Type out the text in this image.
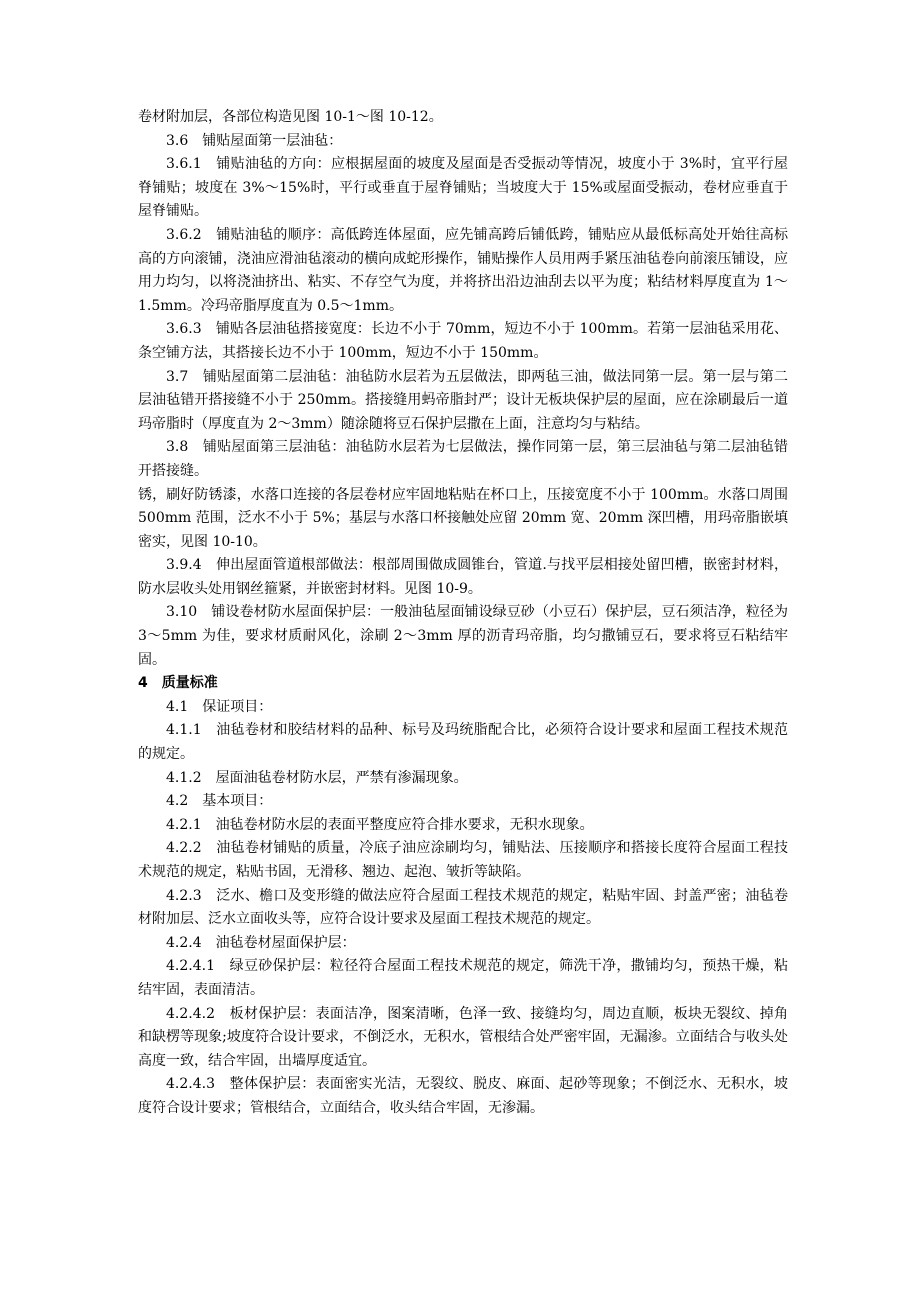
卷材附加层，各部位构造见图 10-1～图 10-12。

3.6　铺贴屋面第一层油毡：

3.6.1　铺贴油毡的方向：应根据屋面的坡度及屋面是否受振动等情况，坡度小于 3%时，宜平行屋脊铺贴；坡度在 3%～15%时，平行或垂直于屋脊铺贴；当坡度大于 15%或屋面受振动，卷材应垂直于屋脊铺贴。

3.6.2　铺贴油毡的顺序：高低跨连体屋面，应先铺高跨后铺低跨，铺贴应从最低标高处开始往高标高的方向滚铺，浇油应滑油毡滚动的横向成蛇形操作，铺贴操作人员用两手紧压油毡卷向前滚压铺设，应用力均匀，以将浇油挤出、粘实、不存空气为度，并将挤出沿边油刮去以平为度；粘结材料厚度直为 1～1.5mm。冷玛帝脂厚度直为 0.5～1mm。

3.6.3　铺贴各层油毡搭接宽度：长边不小于 70mm，短边不小于 100mm。若第一层油毡采用花、条空铺方法，其搭接长边不小于 100mm，短边不小于 150mm。

3.7　铺贴屋面第二层油毡：油毡防水层若为五层做法，即两毡三油，做法同第一层。第一层与第二层油毡错开搭接缝不小于 250mm。搭接缝用蚂帝脂封严；设计无板块保护层的屋面，应在涂刷最后一道玛帝脂时（厚度直为 2～3mm）随涂随将豆石保护层撒在上面，注意均匀与粘结。

3.8　铺贴屋面第三层油毡：油毡防水层若为七层做法，操作同第一层，第三层油毡与第二层油毡错开搭接缝。

锈，刷好防锈漆，水落口连接的各层卷材应牢固地粘贴在杯口上，压接宽度不小于 100mm。水落口周围 500mm 范围，泛水不小于 5%；基层与水落口杯接触处应留 20mm 宽、20mm 深凹槽，用玛帝脂嵌填密实，见图 10-10。

3.9.4　伸出屋面管道根部做法：根部周围做成圆锥台，管道.与找平层相接处留凹槽，嵌密封材料，防水层收头处用钢丝箍紧，并嵌密封材料。见图 10-9。

3.10　铺设卷材防水屋面保护层：一般油毡屋面铺设绿豆砂（小豆石）保护层，豆石须洁净，粒径为 3～5mm 为佳，要求材质耐风化，涂刷 2～3mm 厚的沥青玛帝脂，均匀撒铺豆石，要求将豆石粘结牢固。

4　质量标准

4.1　保证项目：

4.1.1　油毡卷材和胶结材料的品种、标号及玛统脂配合比，必须符合设计要求和屋面工程技术规范的规定。

4.1.2　屋面油毡卷材防水层，严禁有渗漏现象。

4.2　基本项目：

4.2.1　油毡卷材防水层的表面平整度应符合排水要求，无积水现象。

4.2.2　油毡卷材铺贴的质量，冷底子油应涂刷均匀，铺贴法、压接顺序和搭接长度符合屋面工程技术规范的规定，粘贴书固，无滑移、翘边、起泡、皱折等缺陷。

4.2.3　泛水、檐口及变形缝的做法应符合屋面工程技术规范的规定，粘贴牢固、封盖严密；油毡卷材附加层、泛水立面收头等，应符合设计要求及屋面工程技术规范的规定。

4.2.4　油毡卷材屋面保护层：

4.2.4.1　绿豆砂保护层：粒径符合屋面工程技术规范的规定，筛洗干净，撒铺均匀，预热干燥，粘结牢固，表面清洁。

4.2.4.2　板材保护层：表面洁净，图案清晰，色泽一致、接缝均匀，周边直顺，板块无裂纹、掉角和缺楞等现象;坡度符合设计要求，不倒泛水，无积水，管根结合处严密牢固，无漏渗。立面结合与收头处高度一致，结合牢固，出墙厚度适宜。

4.2.4.3　整体保护层：表面密实光洁，无裂纹、脱皮、麻面、起砂等现象；不倒泛水、无积水，坡度符合设计要求；管根结合，立面结合，收头结合牢固，无渗漏。
